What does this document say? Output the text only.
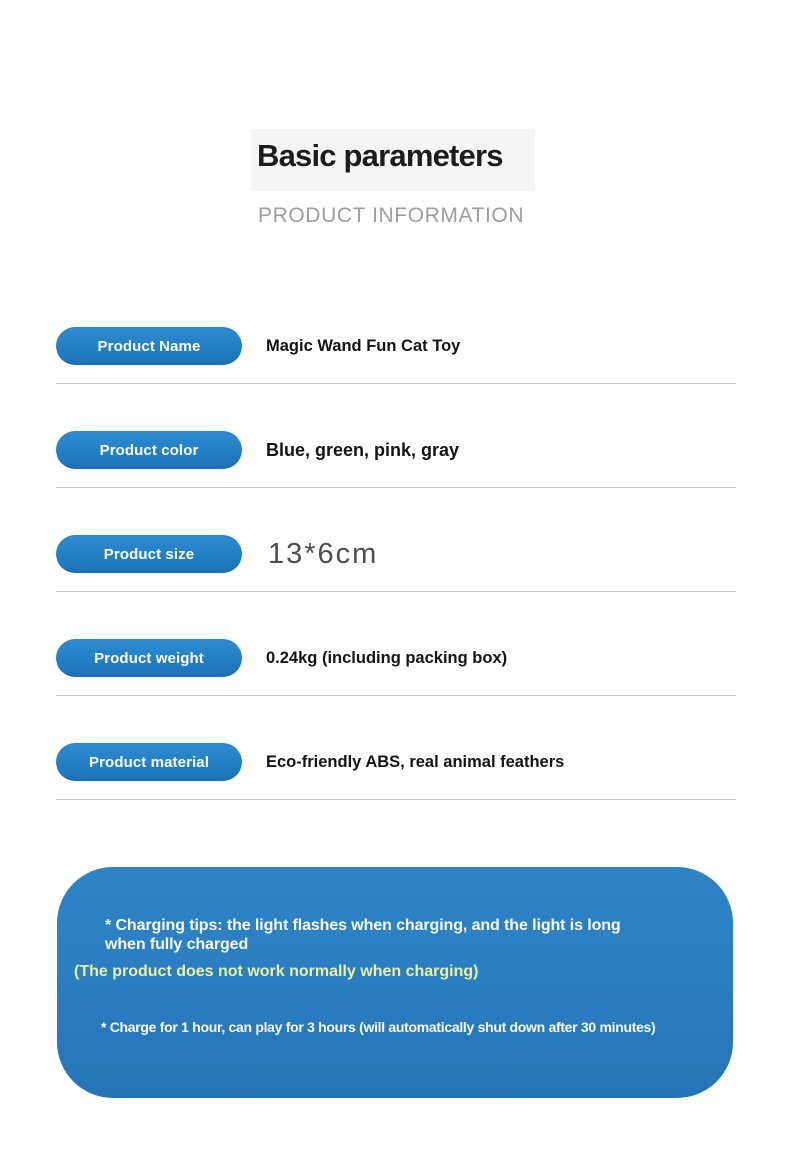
Basic parameters
PRODUCT INFORMATION
Product Name	Magic Wand Fun Cat Toy
Product color	Blue, green, pink, gray
Product size	13*6cm
Product weight	0.24kg (including packing box)
Product material	Eco-friendly ABS, real animal feathers
* Charging tips: the light flashes when charging, and the light is long
when fully charged
(The product does not work normally when charging)
* Charge for 1 hour, can play for 3 hours (will automatically shut down after 30 minutes)
